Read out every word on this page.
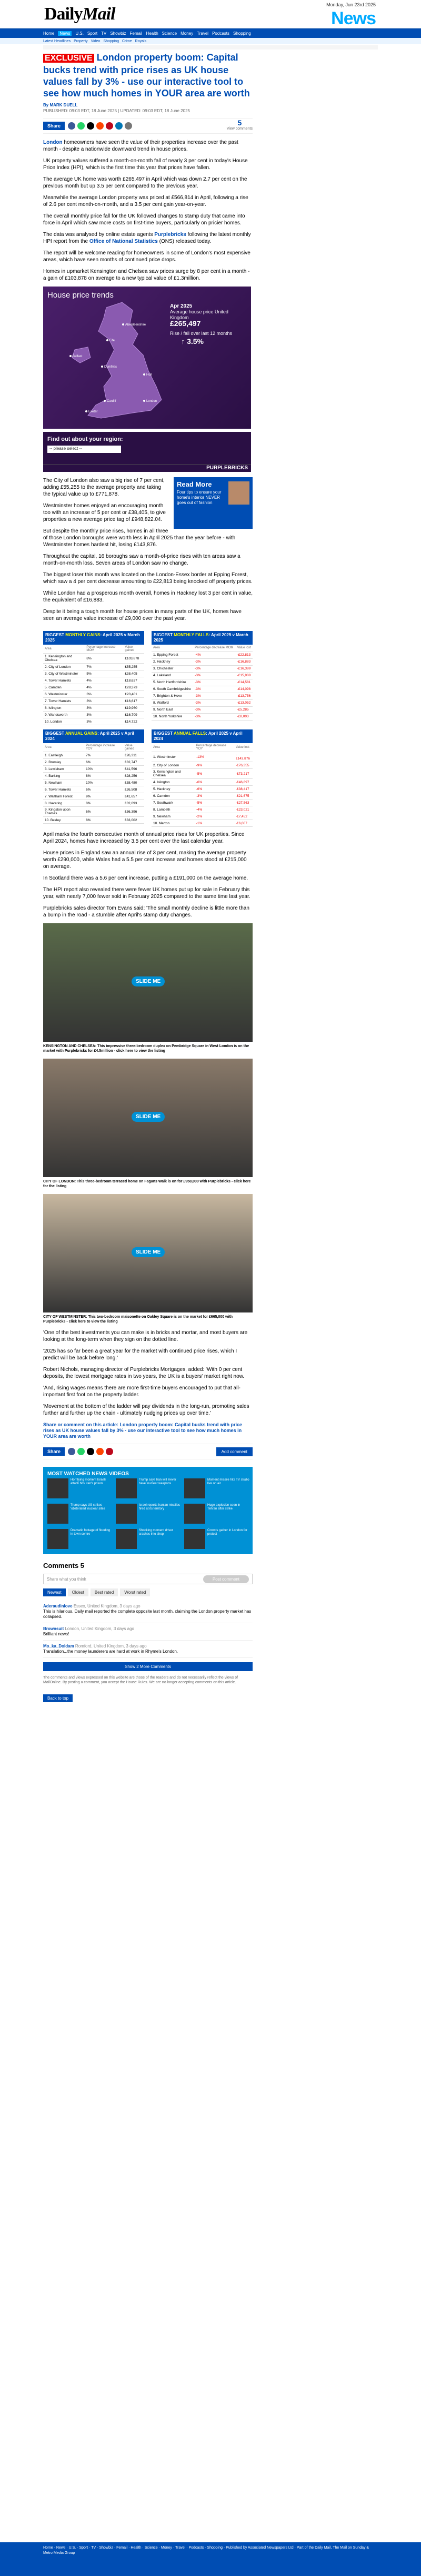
DailyMail	Monday, Jun 23rd 2025
News
Home	News	U.S. Sport TV Showbiz Femail Health Science Money Travel Podcasts Shopping
Latest Headlines Property Video Shopping Crime Royals
EXCLUSIVE London property boom: Capital bucks trend with price rises as UK house values fall by 3% - use our interactive tool to see how much homes in YOUR area are worth
By MARK DUELL
PUBLISHED: 09:03 EDT, 18 June 2025 | UPDATED: 09:03 EDT, 18 June 2025
Share	5
View comments

London homeowners have seen the value of their properties increase over the past month - despite a nationwide downward trend in house prices.

UK property values suffered a month-on-month fall of nearly 3 per cent in today's House Price Index (HPI), which is the first time this year that prices have fallen.

The average UK home was worth £265,497 in April which was down 2.7 per cent on the previous month but up 3.5 per cent compared to the previous year.

Meanwhile the average London property was priced at £566,814 in April, following a rise of 2.6 per cent month-on-month, and a 3.5 per cent gain year-on-year.

The overall monthly price fall for the UK followed changes to stamp duty that came into force in April which saw more costs on first-time buyers, particularly on pricier homes.

The data was analysed by online estate agents Purplebricks following the latest monthly HPI report from the Office of National Statistics (ONS) released today.

The report will be welcome reading for homeowners in some of London's most expensive areas, which have seen months of continued price drops.

Homes in upmarket Kensington and Chelsea saw prices surge by 8 per cent in a month - a gain of £103,878 on average to a new typical value of £1.3million.

House price trends
Aberdeenshire
Fife
Dumfries
Belfast
Hull
Cardiff
Exeter
London
Apr 2025
Average house price United Kingdom
£265,497
Rise / fall over last 12 months
↑ 3.5%
Find out about your region:
-- please select --
PURPLEBRICKS
Read More
Four tips to ensure your home's interior NEVER goes out of fashion

The City of London also saw a big rise of 7 per cent, adding £55,255 to the average property and taking the typical value up to £771,878.

Westminster homes enjoyed an encouraging month too with an increase of 5 per cent or £38,405, to give properties a new average price tag of £948,822.04.

But despite the monthly price rises, homes in all three of those London boroughs were worth less in April 2025 than the year before - with Westminster homes hardest hit, losing £143,876.

Throughout the capital, 16 boroughs saw a month-of-price rises with ten areas saw a month-on-month loss. Seven areas of London saw no change.

The biggest loser this month was located on the London-Essex border at Epping Forest, which saw a 4 per cent decrease amounting to £22,813 being knocked off property prices.

While London had a prosperous month overall, homes in Hackney lost 3 per cent in value, the equivalent of £16,883.

Despite it being a tough month for house prices in many parts of the UK, homes have seen an average value increase of £9,000 over the past year.

BIGGEST MONTHLY GAINS: April 2025 v March 2025
Area	Percentage increase MOM	Value gained
1. Kensington and Chelsea	8%	£103,878
2. City of London	7%	£55,255
3. City of Westminster	5%	£38,405
4. Tower Hamlets	4%	£18,627
5. Camden	4%	£28,373
6. Westminster	3%	£20,401
7. Tower Hamlets	3%	£16,617
8. Islington	3%	£19,960
9. Wandsworth	3%	£16,709
10. London	3%	£14,722
BIGGEST MONTHLY FALLS: April 2025 v March 2025
Area	Percentage decrease MOM	Value lost
1. Epping Forest	-4%	-£22,813
2. Hackney	-3%	-£16,883
3. Chichester	-3%	-£16,389
4. Lakeland	-3%	-£15,908
5. North Hertfordshire	-3%	-£14,581
6. South Cambridgeshire	-3%	-£14,098
7. Brighton & Hove	-3%	-£13,756
8. Watford	-3%	-£13,052
9. North East	-3%	-£5,285
10. North Yorkshire	-3%	-£8,003
BIGGEST ANNUAL GAINS: April 2025 v April 2024
Area	Percentage increase YOY	Value gained
1. Eastleigh	7%	£26,311
2. Bromley	6%	£32,747
3. Lewisham	10%	£41,596
4. Barking	8%	£28,256
5. Newham	10%	£38,480
6. Tower Hamlets	6%	£26,508
7. Waltham Forest	9%	£41,657
8. Havering	8%	£32,093
9. Kingston upon Thames	6%	£36,396
10. Bexley	8%	£33,002
BIGGEST ANNUAL FALLS: April 2025 v April 2024
Area	Percentage decrease YOY	Value lost
1. Westminster	-13%	-£143,876
2. City of London	-9%	-£76,355
3. Kensington and Chelsea	-5%	-£73,217
4. Islington	-6%	-£46,897
5. Hackney	-6%	-£38,417
6. Camden	-3%	-£21,675
7. Southwark	-5%	-£27,563
8. Lambeth	-4%	-£23,021
9. Newham	-2%	-£7,452
10. Merton	-1%	-£6,007

April marks the fourth consecutive month of annual price rises for UK properties. Since April 2024, homes have increased by 3.5 per cent over the last calendar year.

House prices in England saw an annual rise of 3 per cent, making the average property worth £290,000, while Wales had a 5.5 per cent increase and homes stood at £215,000 on average.

In Scotland there was a 5.6 per cent increase, putting a £191,000 on the average home.

The HPI report also revealed there were fewer UK homes put up for sale in February this year, with nearly 7,000 fewer sold in February 2025 compared to the same time last year.

Purplebricks sales director Tom Evans said: 'The small monthly decline is little more than a bump in the road - a stumble after April's stamp duty changes.

SLIDE ME
KENSINGTON AND CHELSEA: This impressive three-bedroom duplex on Pembridge Square in West London is on the market with Purplebricks for £4.5million - click here to view the listing
SLIDE ME
CITY OF LONDON: This three-bedroom terraced home on Fagans Walk is on for £950,000 with Purplebricks - click here for the listing
SLIDE ME
CITY OF WESTMINSTER: This two-bedroom maisonette on Oakley Square is on the market for £665,000 with Purplebricks - click here to view the listing

'One of the best investments you can make is in bricks and mortar, and most buyers are looking at the long-term when they sign on the dotted line.

'2025 has so far been a great year for the market with continued price rises, which I predict will be back before long.'

Robert Nichols, managing director of Purplebricks Mortgages, added: 'With 0 per cent deposits, the lowest mortgage rates in two years, the UK is a buyers' market right now.

'And, rising wages means there are more first-time buyers encouraged to put that all-important first foot on the property ladder.

'Movement at the bottom of the ladder will pay dividends in the long-run, promoting sales further and further up the chain - ultimately nudging prices up over time.'

Share or comment on this article: London property boom: Capital bucks trend with price rises as UK house values fall by 3% - use our interactive tool to see how much homes in YOUR area are worth
Share	Add comment
MOST WATCHED NEWS VIDEOS
Horrifying moment Israeli attack hits Iran's prison
Trump says Iran will 'never have' nuclear weapons
Moment missile hits TV studio live on air
Trump says US strikes 'obliterated' nuclear sites
Israel reports Iranian missiles fired at its territory
Huge explosion seen in Tehran after strike
Dramatic footage of flooding in town centre
Shocking moment driver crashes into shop
Crowds gather in London for protest
Comments 5
Share what you think	Post comment
Newest	Oldest	Best rated	Worst rated
Aderaudinlove Essex, United Kingdom, 3 days ago
This is hilarious. Daily mail reported the complete opposite last month, claiming the London property market has collapsed.
Brownsuit London, United Kingdom, 3 days ago
Brilliant news!
Mo_ka_Doldam Romford, United Kingdom, 3 days ago
Translation...the money launderers are hard at work in Rhyme's London.
Show 2 More Comments
The comments and views expressed on this website are those of the readers and do not necessarily reflect the views of MailOnline. By posting a comment, you accept the House Rules. We are no longer accepting comments on this article.
Back to top
Home · News · U.S. · Sport · TV · Showbiz · Femail · Health · Science · Money · Travel · Podcasts · Shopping · Published by Associated Newspapers Ltd · Part of the Daily Mail, The Mail on Sunday & Metro Media Group
